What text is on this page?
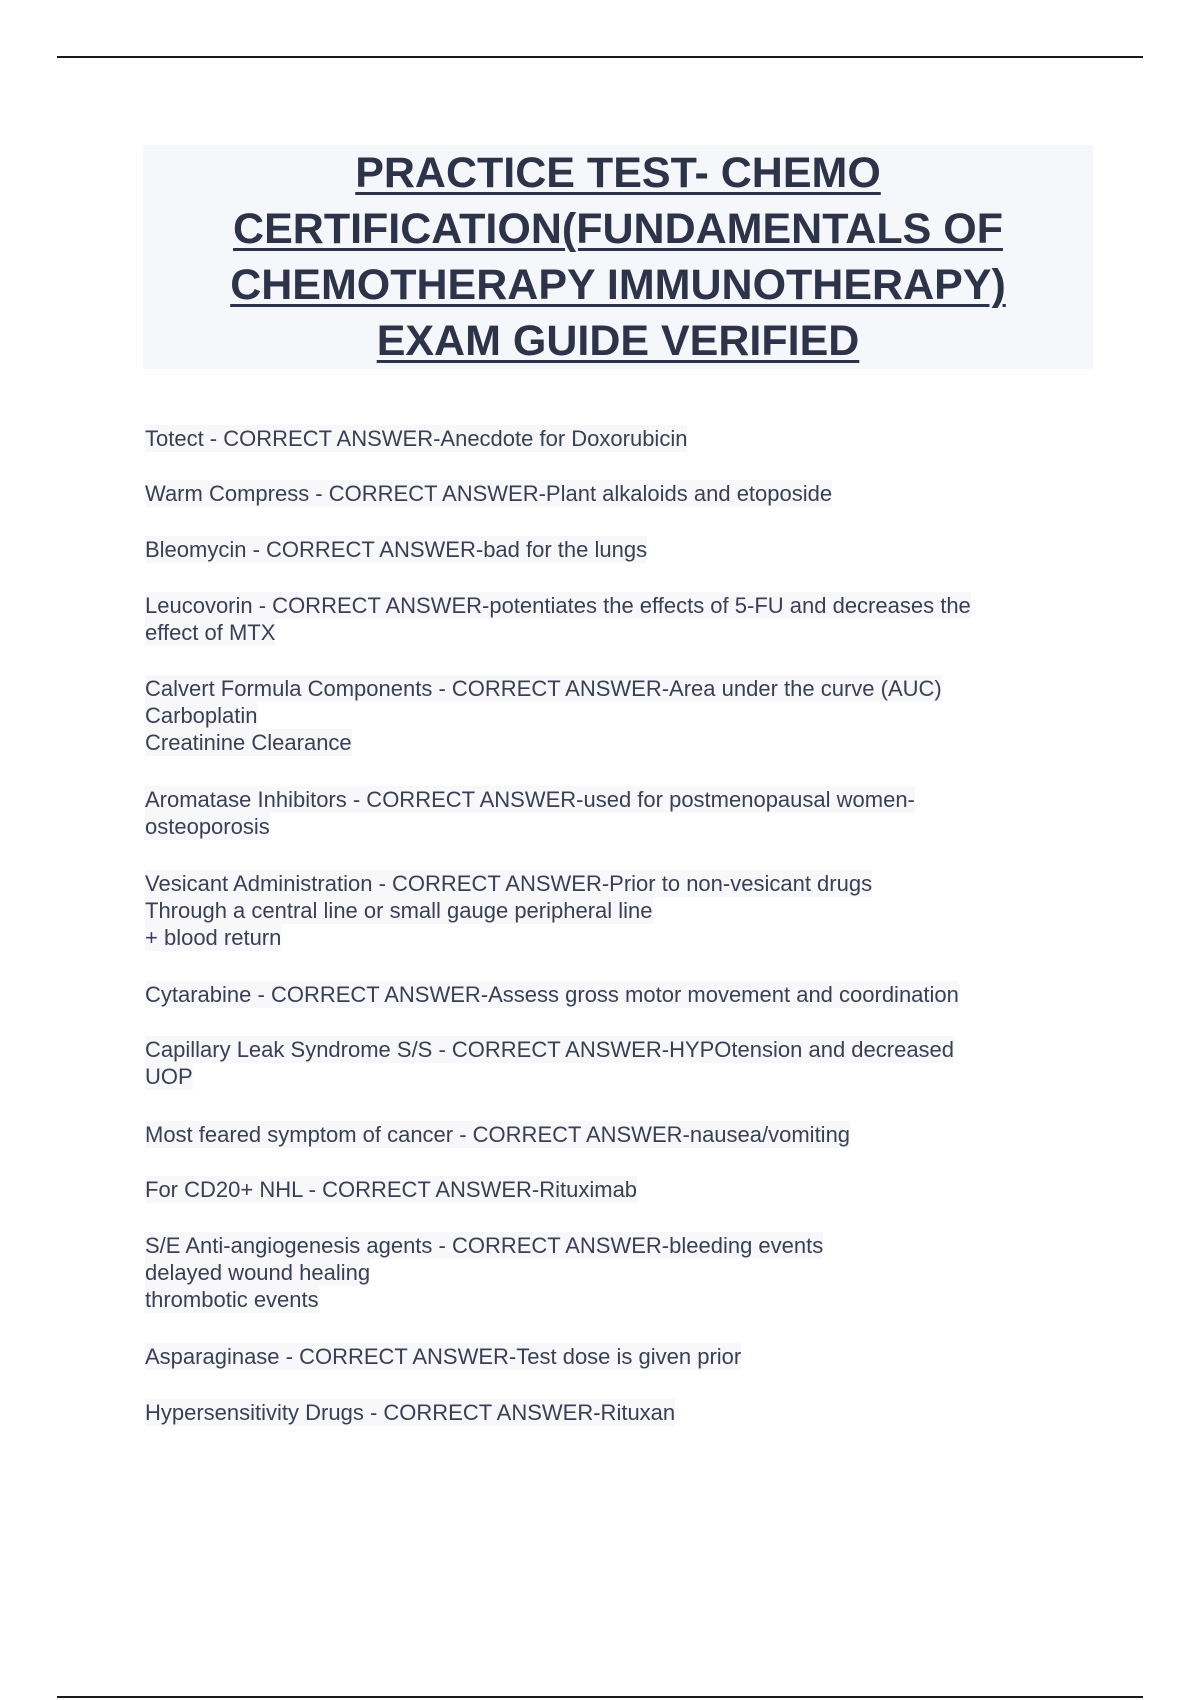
PRACTICE TEST- CHEMO
CERTIFICATION(FUNDAMENTALS OF
CHEMOTHERAPY IMMUNOTHERAPY)
EXAM GUIDE VERIFIED
Totect - CORRECT ANSWER-Anecdote for Doxorubicin
Warm Compress - CORRECT ANSWER-Plant alkaloids and etoposide
Bleomycin - CORRECT ANSWER-bad for the lungs
Leucovorin - CORRECT ANSWER-potentiates the effects of 5-FU and decreases the
effect of MTX
Calvert Formula Components - CORRECT ANSWER-Area under the curve (AUC)
Carboplatin
Creatinine Clearance
Aromatase Inhibitors - CORRECT ANSWER-used for postmenopausal women-
osteoporosis
Vesicant Administration - CORRECT ANSWER-Prior to non-vesicant drugs
Through a central line or small gauge peripheral line
+ blood return
Cytarabine - CORRECT ANSWER-Assess gross motor movement and coordination
Capillary Leak Syndrome S/S - CORRECT ANSWER-HYPOtension and decreased
UOP
Most feared symptom of cancer - CORRECT ANSWER-nausea/vomiting
For CD20+ NHL - CORRECT ANSWER-Rituximab
S/E Anti-angiogenesis agents - CORRECT ANSWER-bleeding events
delayed wound healing
thrombotic events
Asparaginase - CORRECT ANSWER-Test dose is given prior
Hypersensitivity Drugs - CORRECT ANSWER-Rituxan
